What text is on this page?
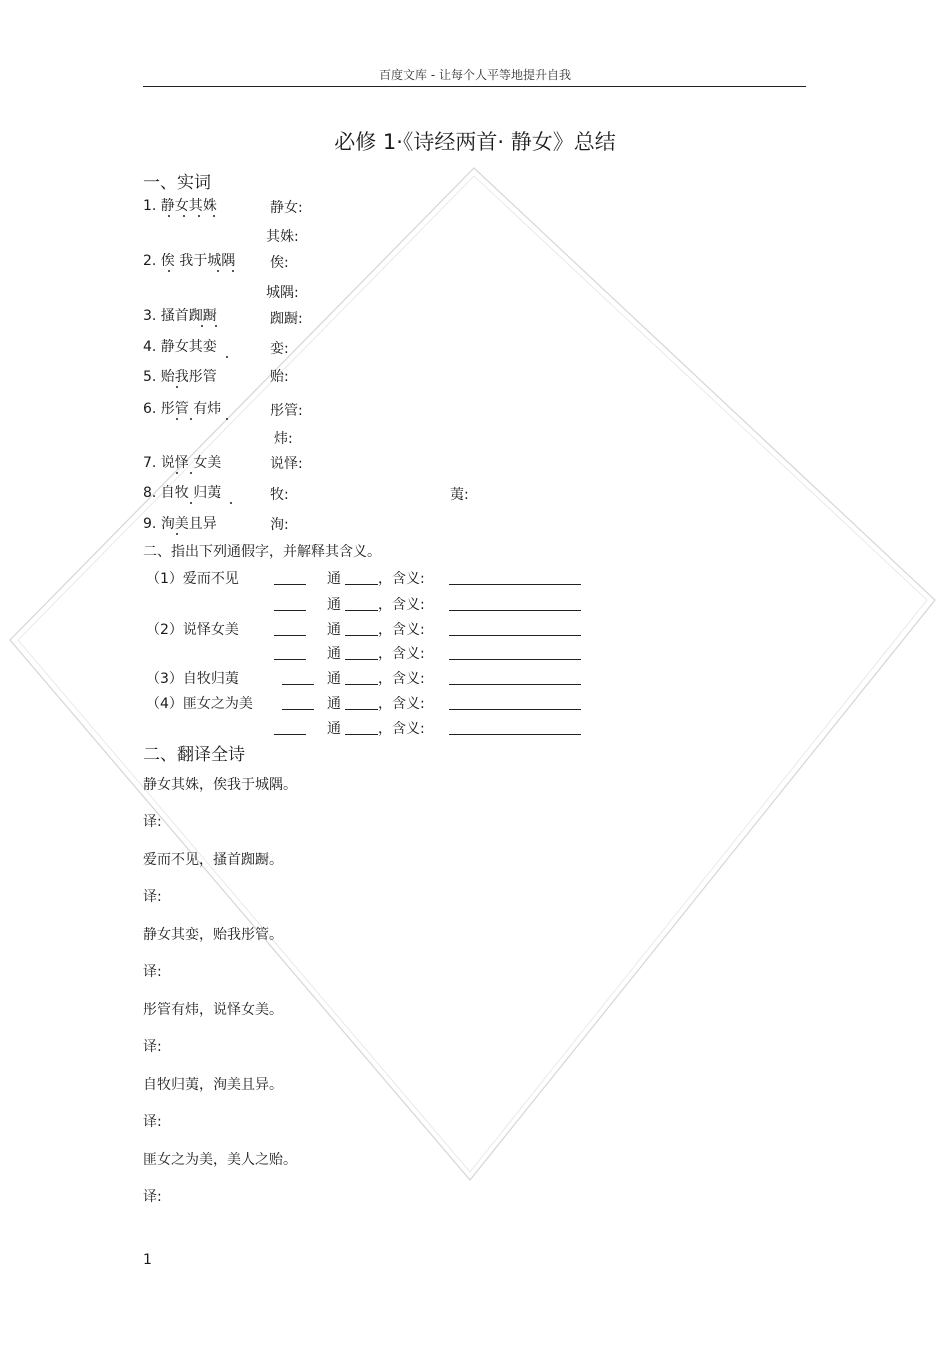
百度文库 - 让每个人平等地提升自我
必修 1·《诗经两首· 静女》总结
一、实词
1. 静女其姝	静女:
其姝:
2. 俟 我于城隅 俟:
城隅:
3. 搔首踟蹰	踟蹰:
4. 静女其娈	娈:
5. 贻我彤管	贻:
6. 彤管 有炜	彤管:
炜:
7. 说怿 女美	说怿:
8. 自牧 归荑	牧:	荑:
9. 洵美且异	洵:
二、指出下列通假字，并解释其含义。
（1）爱而不见	通	，含义:
通	，含义:
（2）说怿女美	通	，含义:
通	，含义:
（3）自牧归荑	通	，含义:
（4）匪女之为美	通	，含义:
通	，含义:
二、翻译全诗
静女其姝，俟我于城隅。
译:
爱而不见，搔首踟蹰。
译:
静女其娈，贻我彤管。
译:
彤管有炜，说怿女美。
译:
自牧归荑，洵美且异。
译:
匪女之为美，美人之贻。
译:
1
